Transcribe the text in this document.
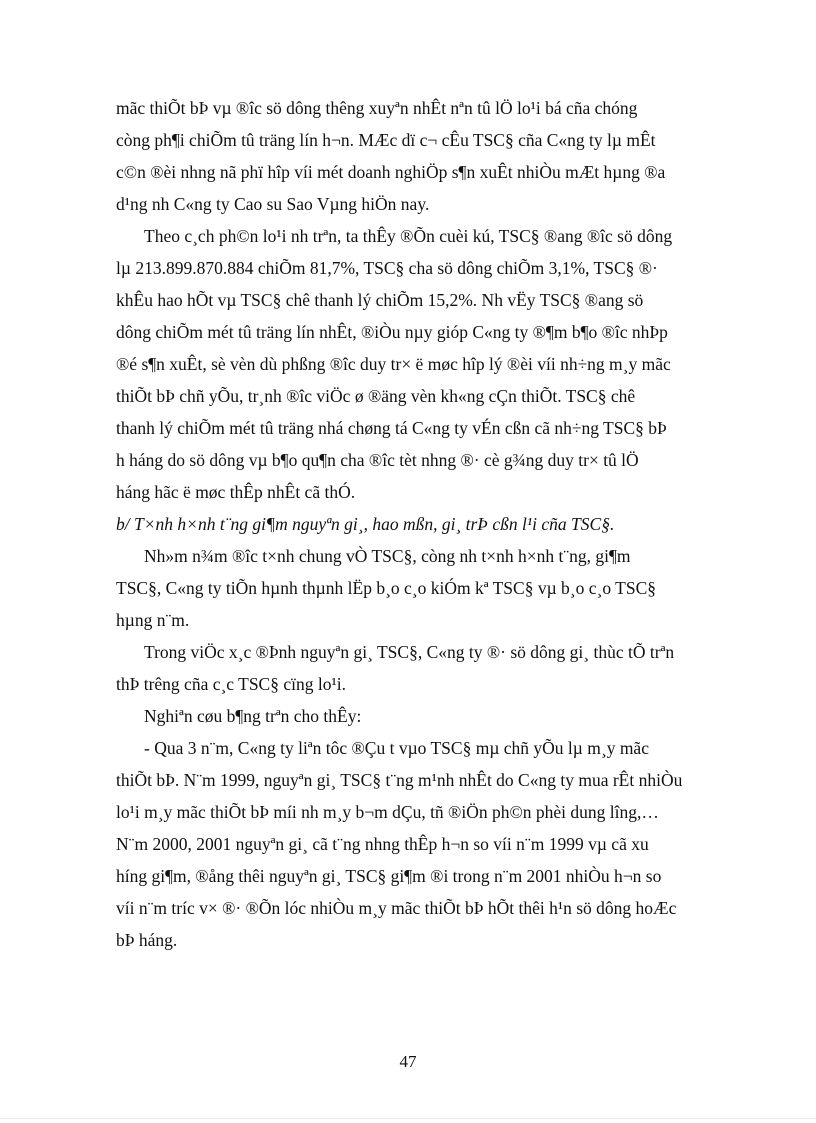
mãc thiÕt bÞ vµ ®îc sö dông thêng xuyªn nhÊt nªn tû lÖ lo¹i bá cña chóng
còng ph¶i chiÕm tû träng lín h¬n. MÆc dï c¬ cÊu TSC§ cña C«ng ty lµ mÊt
c©n ®èi nhng nã phï hîp víi mét doanh nghiÖp s¶n xuÊt nhiÒu mÆt hµng ®a
d¹ng nh C«ng ty Cao su Sao Vµng hiÖn nay.

Theo c¸ch ph©n lo¹i nh trªn, ta thÊy ®Õn cuèi kú, TSC§ ®ang ®îc sö dông
lµ 213.899.870.884 chiÕm 81,7%, TSC§ cha sö dông chiÕm 3,1%, TSC§ ®·
khÊu hao hÕt vµ TSC§ chê thanh lý chiÕm 15,2%. Nh vËy TSC§ ®ang sö
dông chiÕm mét tû träng lín nhÊt, ®iÒu nµy gióp C«ng ty ®¶m b¶o ®îc nhÞp
®é s¶n xuÊt, sè vèn dù phßng ®îc duy tr× ë møc hîp lý ®èi víi nh÷ng m¸y mãc
thiÕt bÞ chñ yÕu, tr¸nh ®îc viÖc ø ®äng vèn kh«ng cÇn thiÕt. TSC§ chê
thanh lý chiÕm mét tû träng nhá chøng tá C«ng ty vÉn cßn cã nh÷ng TSC§ bÞ
h háng do sö dông vµ b¶o qu¶n cha ®îc tèt nhng ®· cè g¾ng duy tr× tû lÖ
háng hãc ë møc thÊp nhÊt cã thÓ.

b/ T×nh h×nh t¨ng gi¶m nguyªn gi¸, hao mßn, gi¸ trÞ cßn l¹i cña TSC§.

Nh»m n¾m ®îc t×nh chung vÒ TSC§, còng nh t×nh h×nh t¨ng, gi¶m
TSC§, C«ng ty tiÕn hµnh thµnh lËp b¸o c¸o kiÓm kª TSC§ vµ b¸o c¸o TSC§
hµng n¨m.

Trong viÖc x¸c ®Þnh nguyªn gi¸ TSC§, C«ng ty ®· sö dông gi¸ thùc tÕ trªn
thÞ trêng cña c¸c TSC§ cïng lo¹i.

Nghiªn cøu b¶ng trªn cho thÊy:

- Qua 3 n¨m, C«ng ty liªn tôc ®Çu t vµo TSC§ mµ chñ yÕu lµ m¸y mãc
thiÕt bÞ. N¨m 1999, nguyªn gi¸ TSC§ t¨ng m¹nh nhÊt do C«ng ty mua rÊt nhiÒu
lo¹i m¸y mãc thiÕt bÞ míi nh m¸y b¬m dÇu, tñ ®iÖn ph©n phèi dung lîng,…
N¨m 2000, 2001 nguyªn gi¸ cã t¨ng nhng thÊp h¬n so víi n¨m 1999 vµ cã xu
híng gi¶m, ®ång thêi nguyªn gi¸ TSC§ gi¶m ®i trong n¨m 2001 nhiÒu h¬n so
víi n¨m tríc v× ®· ®Õn lóc nhiÒu m¸y mãc thiÕt bÞ hÕt thêi h¹n sö dông hoÆc
bÞ háng.

47
